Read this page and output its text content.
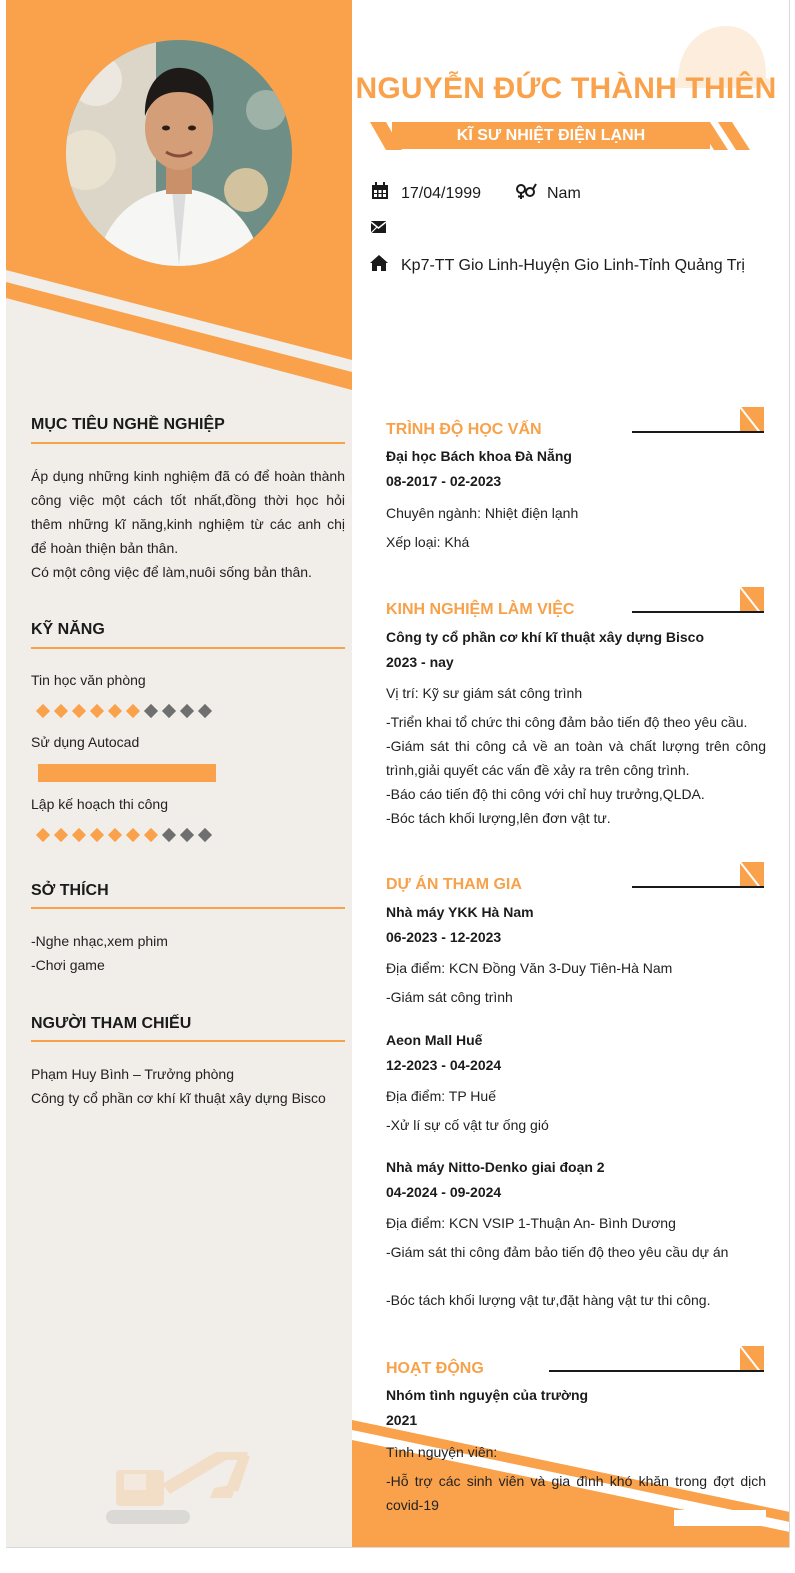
MỤC TIÊU NGHỀ NGHIỆP
Áp dụng những kinh nghiệm đã có để hoàn thành công việc một cách tốt nhất,đồng thời học hỏi thêm những kĩ năng,kinh nghiệm từ các anh chị để hoàn thiện bản thân.
Có một công việc để làm,nuôi sống bản thân.
KỸ NĂNG
Tin học văn phòng
Sử dụng Autocad
Lập kế hoạch thi công
SỞ THÍCH
-Nghe nhạc,xem phim
-Chơi game
NGƯỜI THAM CHIẾU
Phạm Huy Bình – Trưởng phòng
Công ty cổ phần cơ khí kĩ thuật xây dựng Bisco
NGUYỄN ĐỨC THÀNH THIÊN
KĨ SƯ NHIỆT ĐIỆN LẠNH
17/04/1999	Nam
Kp7-TT Gio Linh-Huyện Gio Linh-Tỉnh Quảng Trị
TRÌNH ĐỘ HỌC VẤN
Đại học Bách khoa Đà Nẵng
08-2017 - 02-2023
Chuyên ngành: Nhiệt điện lạnh
Xếp loại: Khá
KINH NGHIỆM LÀM VIỆC
Công ty cổ phần cơ khí kĩ thuật xây dựng Bisco
2023 - nay
Vị trí: Kỹ sư giám sát công trình
-Triển khai tổ chức thi công đảm bảo tiến độ theo yêu cầu.
-Giám sát thi công cả về an toàn và chất lượng trên công trình,giải quyết các vấn đề xảy ra trên công trình.
-Báo cáo tiến độ thi công với chỉ huy trưởng,QLDA.
-Bóc tách khối lượng,lên đơn vật tư.
DỰ ÁN THAM GIA
Nhà máy YKK Hà Nam
06-2023 - 12-2023
Địa điểm: KCN Đồng Văn 3-Duy Tiên-Hà Nam
-Giám sát công trình
Aeon Mall Huế
12-2023 - 04-2024
Địa điểm: TP Huế
-Xử lí sự cố vật tư ống gió
Nhà máy Nitto-Denko giai đoạn 2
04-2024 - 09-2024
Địa điểm: KCN VSIP 1-Thuận An- Bình Dương
-Giám sát thi công đảm bảo tiến độ theo yêu cầu dự án
-Bóc tách khối lượng vật tư,đặt hàng vật tư thi công.
HOẠT ĐỘNG
Nhóm tình nguyện của trường
2021
Tình nguyện viên:
-Hỗ trợ các sinh viên và gia đình khó khăn trong đợt dịch covid-19
